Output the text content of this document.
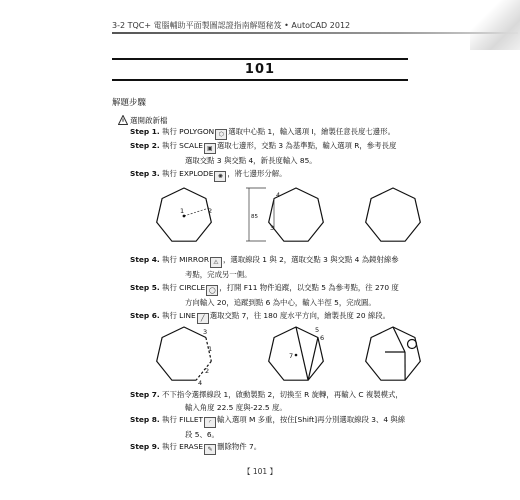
3-2 TQC+ 電腦輔助平面製圖認證指南解題秘笈 • AutoCAD 2012
101
解題步驟
選開啟新檔
Step 1. 執行 POLYGON ⬡ 選取中心點 1，輸入選項 I，繪製任意長度七邊形。
Step 2. 執行 SCALE ▣ 選取七邊形，交點 3 為基準點，輸入選項 R，參考長度
選取交點 3 與交點 4，新長度輸入 85。
Step 3. 執行 EXPLODE ✺ ，將七邊形分解。
1	2
3
4
85
Step 4. 執行 MIRROR ⚠ ，選取線段 1 與 2，選取交點 3 與交點 4 為鏡射線參
考點，完成另一側。
Step 5. 執行 CIRCLE ◯ ，打開 F11 物件追蹤，以交點 5 為參考點，往 270 度
方向輸入 20，追蹤到點 6 為中心，輸入半徑 5，完成圓。
Step 6. 執行 LINE ╱ 選取交點 7，往 180 度水平方向，繪製長度 20 線段。
3
1
2
4
5
6
7
Step 7. 不下指令選擇線段 1，啟動製點 2，切換至 R 旋轉，再輸入 C 複製模式，
輸入角度 22.5 度與-22.5 度。
Step 8. 執行 FILLET ◜ 輸入選項 M 多重，按住[Shift]再分別選取線段 3、4 與線
段 5、6。
Step 9. 執行 ERASE ✎ 刪除物件 7。
【 101 】
